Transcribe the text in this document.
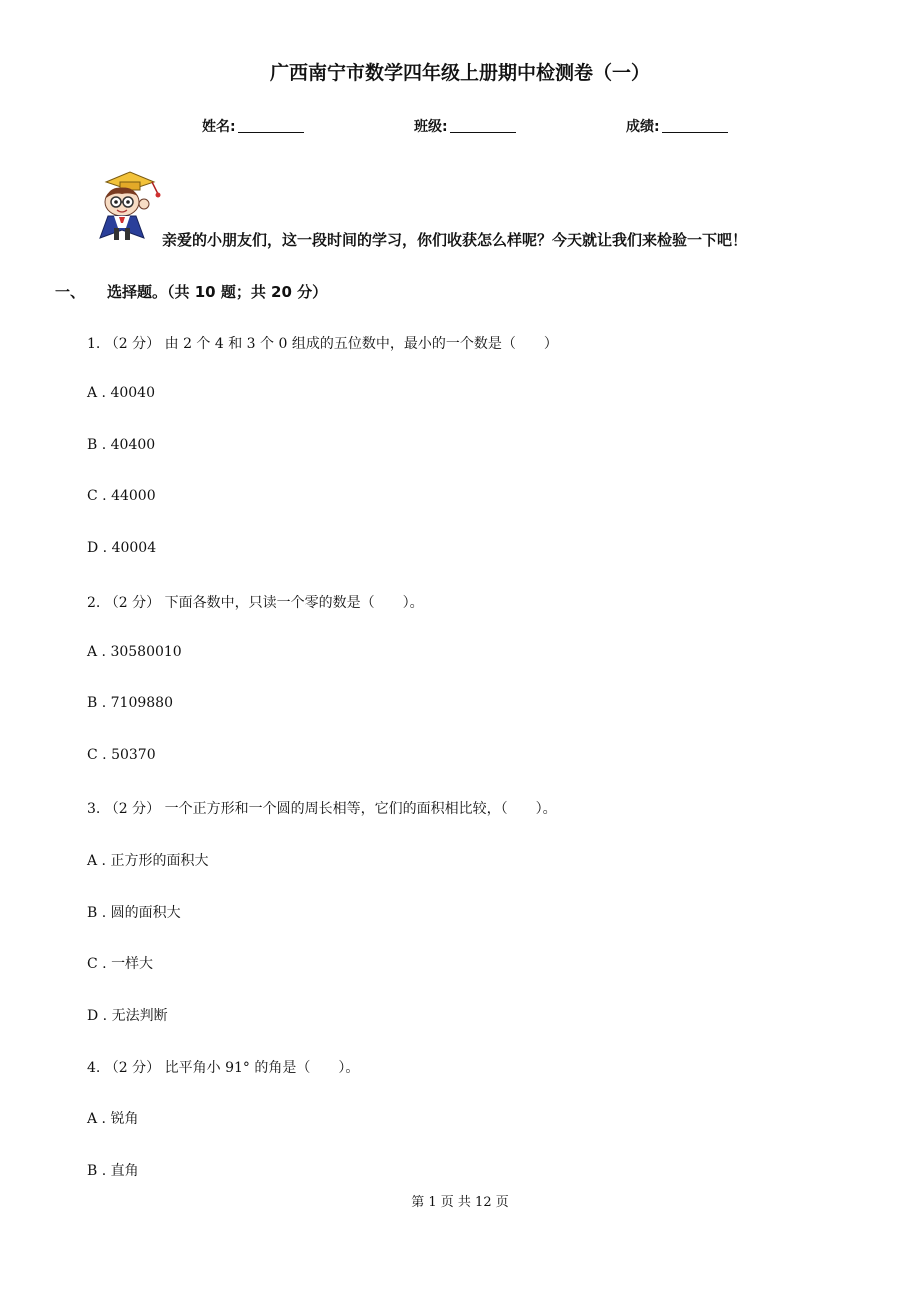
广西南宁市数学四年级上册期中检测卷（一）
姓名:	班级:	成绩:
亲爱的小朋友们，这一段时间的学习，你们收获怎么样呢？今天就让我们来检验一下吧！
一、 选择题。（共 10 题；共 20 分）
1. （2 分） 由 2 个 4 和 3 个 0 组成的五位数中，最小的一个数是（　　）
A . 40040
B . 40400
C . 44000
D . 40004
2. （2 分） 下面各数中，只读一个零的数是（　　）。
A . 30580010
B . 7109880
C . 50370
3. （2 分） 一个正方形和一个圆的周长相等，它们的面积相比较，（　　）。
A . 正方形的面积大
B . 圆的面积大
C . 一样大
D . 无法判断
4. （2 分） 比平角小 91° 的角是（　　）。
A . 锐角
B . 直角
第 1 页 共 12 页
